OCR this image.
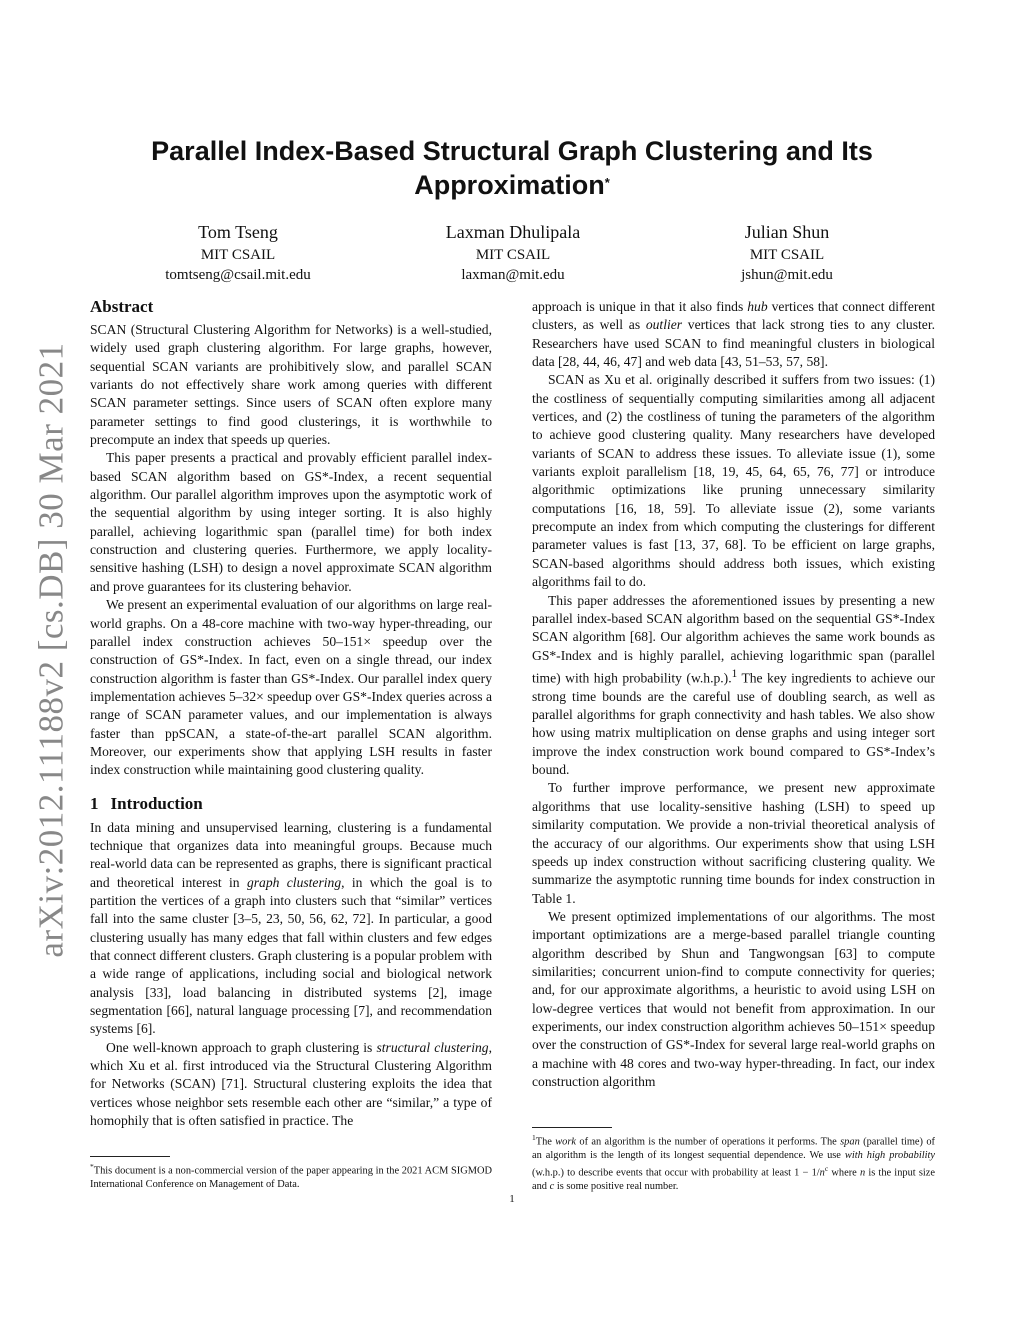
arXiv:2012.11188v2 [cs.DB] 30 Mar 2021
Parallel Index-Based Structural Graph Clustering and Its Approximation*
Tom Tseng
MIT CSAIL
tomtseng@csail.mit.edu
Laxman Dhulipala
MIT CSAIL
laxman@mit.edu
Julian Shun
MIT CSAIL
jshun@mit.edu
Abstract

SCAN (Structural Clustering Algorithm for Networks) is a well-studied, widely used graph clustering algorithm. For large graphs, however, sequential SCAN variants are prohibitively slow, and parallel SCAN variants do not effectively share work among queries with different SCAN parameter settings. Since users of SCAN often explore many parameter settings to find good clusterings, it is worthwhile to precompute an index that speeds up queries.

This paper presents a practical and provably efficient parallel index-based SCAN algorithm based on GS*-Index, a recent sequential algorithm. Our parallel algorithm improves upon the asymptotic work of the sequential algorithm by using integer sorting. It is also highly parallel, achieving logarithmic span (parallel time) for both index construction and clustering queries. Furthermore, we apply locality-sensitive hashing (LSH) to design a novel approximate SCAN algorithm and prove guarantees for its clustering behavior.

We present an experimental evaluation of our algorithms on large real-world graphs. On a 48-core machine with two-way hyper-threading, our parallel index construction achieves 50–151× speedup over the construction of GS*-Index. In fact, even on a single thread, our index construction algorithm is faster than GS*-Index. Our parallel index query implementation achieves 5–32× speedup over GS*-Index queries across a range of SCAN parameter values, and our implementation is always faster than ppSCAN, a state-of-the-art parallel SCAN algorithm. Moreover, our experiments show that applying LSH results in faster index construction while maintaining good clustering quality.

1 Introduction

In data mining and unsupervised learning, clustering is a fundamental technique that organizes data into meaningful groups. Because much real-world data can be represented as graphs, there is significant practical and theoretical interest in graph clustering, in which the goal is to partition the vertices of a graph into clusters such that “similar” vertices fall into the same cluster [3–5, 23, 50, 56, 62, 72]. In particular, a good clustering usually has many edges that fall within clusters and few edges that connect different clusters. Graph clustering is a popular problem with a wide range of applications, including social and biological network analysis [33], load balancing in distributed systems [2], image segmentation [66], natural language processing [7], and recommendation systems [6].

One well-known approach to graph clustering is structural clustering, which Xu et al. first introduced via the Structural Clustering Algorithm for Networks (SCAN) [71]. Structural clustering exploits the idea that vertices whose neighbor sets resemble each other are “similar,” a type of homophily that is often satisfied in practice. The

approach is unique in that it also finds hub vertices that connect different clusters, as well as outlier vertices that lack strong ties to any cluster. Researchers have used SCAN to find meaningful clusters in biological data [28, 44, 46, 47] and web data [43, 51–53, 57, 58].

SCAN as Xu et al. originally described it suffers from two issues: (1) the costliness of sequentially computing similarities among all adjacent vertices, and (2) the costliness of tuning the parameters of the algorithm to achieve good clustering quality. Many researchers have developed variants of SCAN to address these issues. To alleviate issue (1), some variants exploit parallelism [18, 19, 45, 64, 65, 76, 77] or introduce algorithmic optimizations like pruning unnecessary similarity computations [16, 18, 59]. To alleviate issue (2), some variants precompute an index from which computing the clusterings for different parameter values is fast [13, 37, 68]. To be efficient on large graphs, SCAN-based algorithms should address both issues, which existing algorithms fail to do.

This paper addresses the aforementioned issues by presenting a new parallel index-based SCAN algorithm based on the sequential GS*-Index SCAN algorithm [68]. Our algorithm achieves the same work bounds as GS*-Index and is highly parallel, achieving logarithmic span (parallel time) with high probability (w.h.p.).$^1$ The key ingredients to achieve our strong time bounds are the careful use of doubling search, as well as parallel algorithms for graph connectivity and hash tables. We also show how using matrix multiplication on dense graphs and using integer sort improve the index construction work bound compared to GS*-Index’s bound.

To further improve performance, we present new approximate algorithms that use locality-sensitive hashing (LSH) to speed up similarity computation. We provide a non-trivial theoretical analysis of the accuracy of our algorithms. Our experiments show that using LSH speeds up index construction without sacrificing clustering quality. We summarize the asymptotic running time bounds for index construction in Table 1.

We present optimized implementations of our algorithms. The most important optimizations are a merge-based parallel triangle counting algorithm described by Shun and Tangwongsan [63] to compute similarities; concurrent union-find to compute connectivity for queries; and, for our approximate algorithms, a heuristic to avoid using LSH on low-degree vertices that would not benefit from approximation. In our experiments, our index construction algorithm achieves 50–151× speedup over the construction of GS*-Index for several large real-world graphs on a machine with 48 cores and two-way hyper-threading. In fact, our index construction algorithm

*This document is a non-commercial version of the paper appearing in the 2021 ACM SIGMOD International Conference on Management of Data.
$^1$The work of an algorithm is the number of operations it performs. The span (parallel time) of an algorithm is the length of its longest sequential dependence. We use with high probability (w.h.p.) to describe events that occur with probability at least $1 - 1/n^c$ where n is the input size and c is some positive real number.
1
